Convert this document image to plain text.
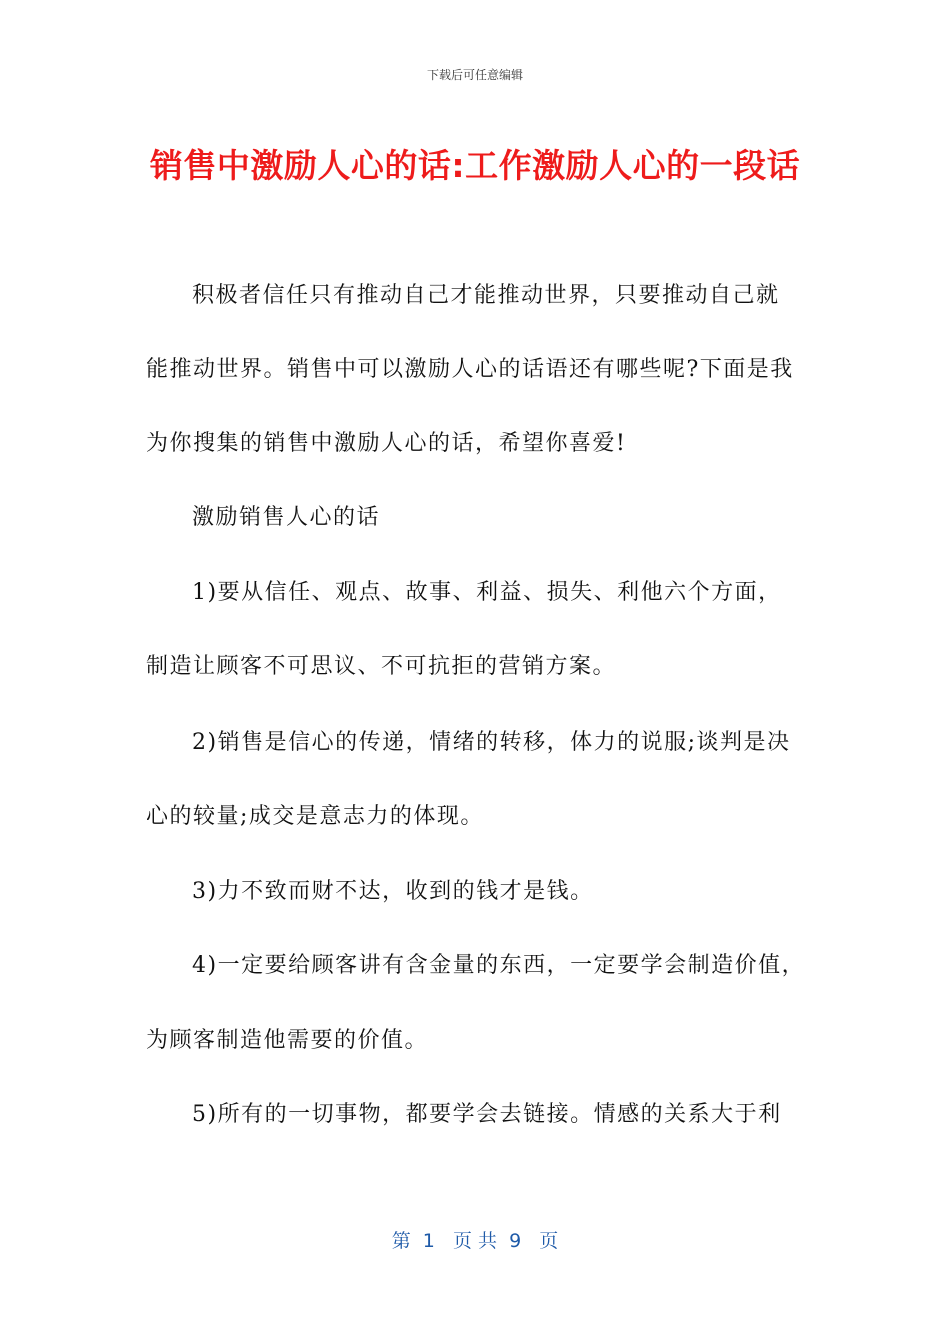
下载后可任意编辑
销售中激励人心的话:工作激励人心的一段话
积极者信任只有推动自己才能推动世界，只要推动自己就
能推动世界。销售中可以激励人心的话语还有哪些呢?下面是我
为你搜集的销售中激励人心的话，希望你喜爱!
激励销售人心的话
1)要从信任、观点、故事、利益、损失、利他六个方面，
制造让顾客不可思议、不可抗拒的营销方案。
2)销售是信心的传递，情绪的转移，体力的说服;谈判是决
心的较量;成交是意志力的体现。
3)力不致而财不达，收到的钱才是钱。
4)一定要给顾客讲有含金量的东西，一定要学会制造价值，
为顾客制造他需要的价值。
5)所有的一切事物，都要学会去链接。情感的关系大于利
第  1   页 共  9   页
